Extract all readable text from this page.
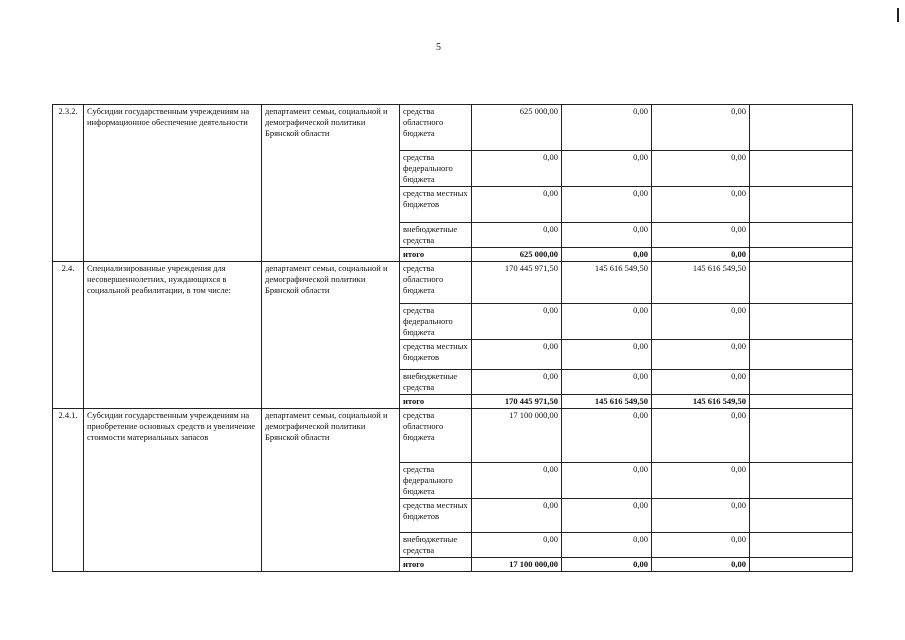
5
2.3.2.	Субсидии государственным учреждениям на информационное обеспечение деятельности	департамент семьи, социальной и демографической политики Брянской области	средства областного бюджета	625 000,00	0,00	0,00	
			средства федерального бюджета	0,00	0,00	0,00	
			средства местных бюджетов	0,00	0,00	0,00	
			внебюджетные средства	0,00	0,00	0,00	
			итого	625 000,00	0,00	0,00	
2.4.	Специализированные учреждения для несовершеннолетних, нуждающихся в социальной реабилитации, в том числе:	департамент семьи, социальной и демографической политики Брянской области	средства областного бюджета	170 445 971,50	145 616 549,50	145 616 549,50	
			средства федерального бюджета	0,00	0,00	0,00	
			средства местных бюджетов	0,00	0,00	0,00	
			внебюджетные средства	0,00	0,00	0,00	
			итого	170 445 971,50	145 616 549,50	145 616 549,50	
2.4.1.	Субсидии государственным учреждениям на приобретение основных средств и увеличение стоимости материальных запасов	департамент семьи, социальной и демографической политики Брянской области	средства областного бюджета	17 100 000,00	0,00	0,00	
			средства федерального бюджета	0,00	0,00	0,00	
			средства местных бюджетов	0,00	0,00	0,00	
			внебюджетные средства	0,00	0,00	0,00	
			итого	17 100 000,00	0,00	0,00	
